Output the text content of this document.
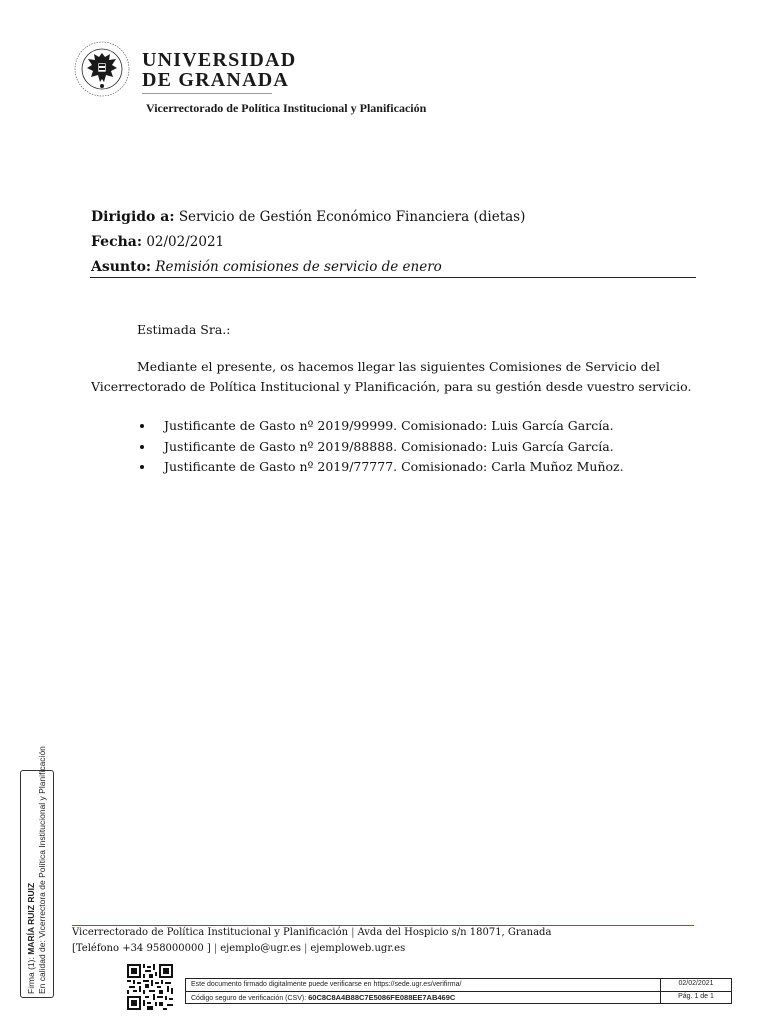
UNIVERSIDAD
DE GRANADA
Vicerrectorado de Política Institucional y Planificación
Dirigido a: Servicio de Gestión Económico Financiera (dietas)
Fecha: 02/02/2021
Asunto: Remisión comisiones de servicio de enero
Estimada Sra.:
Mediante el presente, os hacemos llegar las siguientes Comisiones de Servicio del Vicerrectorado de Política Institucional y Planificación, para su gestión desde vuestro servicio.
Justificante de Gasto nº 2019/99999. Comisionado: Luis García García.
Justificante de Gasto nº 2019/88888. Comisionado: Luis García García.
Justificante de Gasto nº 2019/77777. Comisionado: Carla Muñoz Muñoz.
Firma (1): MARÍA RUIZ RUIZ En calidad de: Vicerrectora de Política Institucional y Planificación	Vicerrectorado de Política Institucional y Planificación | Avda del Hospicio s/n 18071, Granada
[Teléfono +34 958000000 ] | ejemplo@ugr.es | ejemploweb.ugr.es
Este documento firmado digitalmente puede verificarse en https://sede.ugr.es/verifirma/
Código seguro de verificación (CSV): 60C8C8A4B88C7E5086FE088EE7AB469C
02/02/2021
Pág. 1 de 1
